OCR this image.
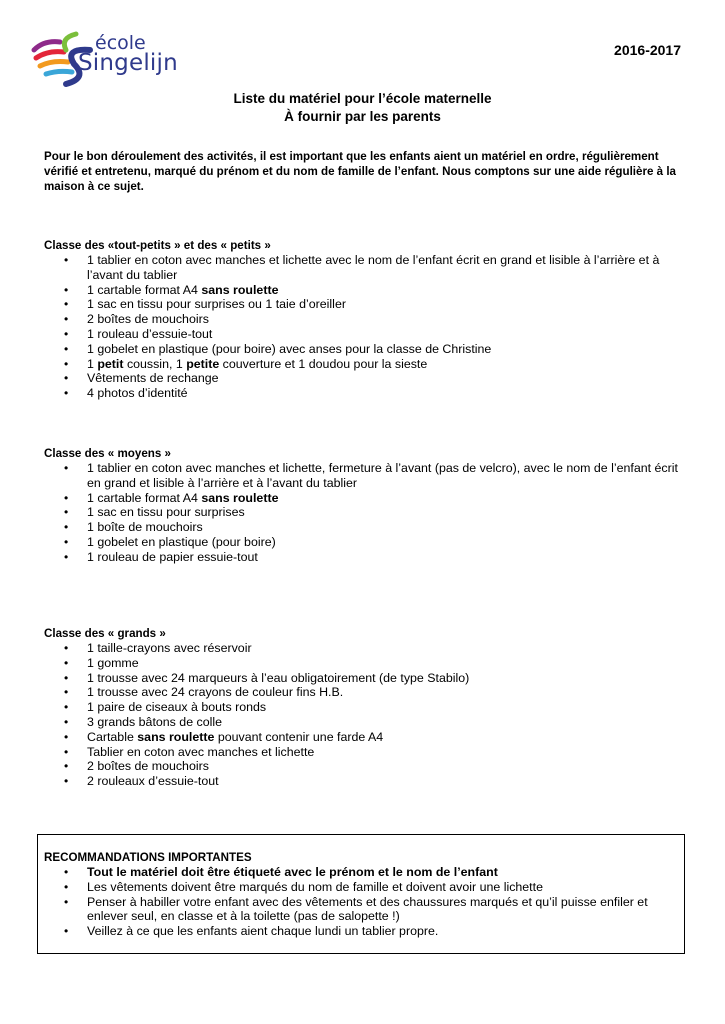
école
Singelijn	2016-2017
Liste du matériel pour l’école maternelle
À fournir par les parents
Pour le bon déroulement des activités, il est important que les enfants aient un matériel en ordre, régulièrement vérifié et entretenu, marqué du prénom et du nom de famille de l’enfant. Nous comptons sur une aide régulière à la maison à ce sujet.
Classe des «tout-petits » et des « petits »
• 1 tablier en coton avec manches et lichette avec le nom de l’enfant écrit en grand et lisible à l’arrière et à l’avant du tablier
• 1 cartable format A4 sans roulette
• 1 sac en tissu pour surprises ou 1 taie d’oreiller
• 2 boîtes de mouchoirs
• 1 rouleau d’essuie-tout
• 1 gobelet en plastique (pour boire) avec anses pour la classe de Christine
• 1 petit coussin, 1 petite couverture et 1 doudou pour la sieste
• Vêtements de rechange
• 4 photos d’identité
Classe des « moyens »
• 1 tablier en coton avec manches et lichette, fermeture à l’avant (pas de velcro), avec le nom de l’enfant écrit en grand et lisible à l’arrière et à l’avant du tablier
• 1 cartable format A4 sans roulette
• 1 sac en tissu pour surprises
• 1 boîte de mouchoirs
• 1 gobelet en plastique (pour boire)
• 1 rouleau de papier essuie-tout
Classe des « grands »
• 1 taille-crayons avec réservoir
• 1 gomme
• 1 trousse avec 24 marqueurs à l’eau obligatoirement (de type Stabilo)
• 1 trousse avec 24 crayons de couleur fins H.B.
• 1 paire de ciseaux à bouts ronds
• 3 grands bâtons de colle
• Cartable sans roulette pouvant contenir une farde A4
• Tablier en coton avec manches et lichette
• 2 boîtes de mouchoirs
• 2 rouleaux d’essuie-tout
RECOMMANDATIONS IMPORTANTES
• Tout le matériel doit être étiqueté avec le prénom et le nom de l’enfant
• Les vêtements doivent être marqués du nom de famille et doivent avoir une lichette
• Penser à habiller votre enfant avec des vêtements et des chaussures marqués et qu’il puisse enfiler et enlever seul, en classe et à la toilette (pas de salopette !)
• Veillez à ce que les enfants aient chaque lundi un tablier propre.
